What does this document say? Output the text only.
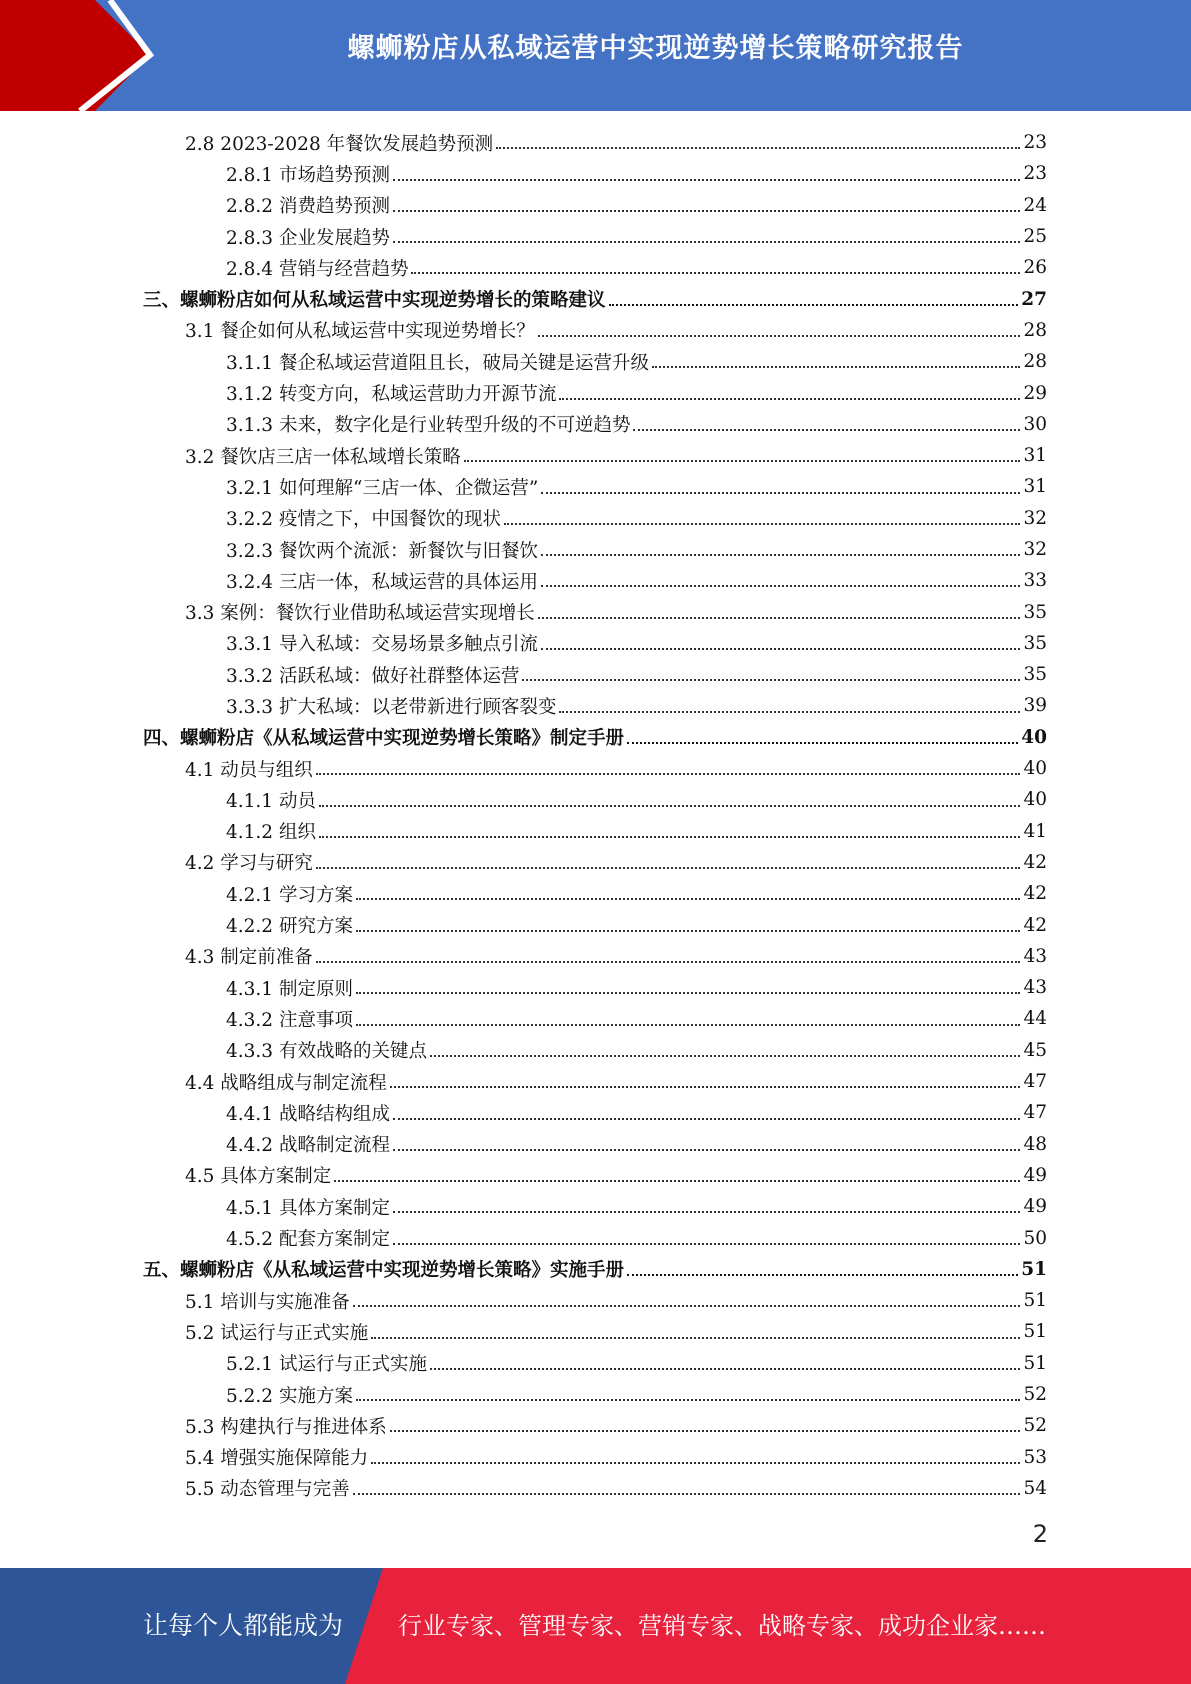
螺蛳粉店从私域运营中实现逆势增长策略研究报告
2.8 2023-2028 年餐饮发展趋势预测	23
2.8.1 市场趋势预测	23
2.8.2 消费趋势预测	24
2.8.3 企业发展趋势	25
2.8.4 营销与经营趋势	26
三、螺蛳粉店如何从私域运营中实现逆势增长的策略建议	27
3.1 餐企如何从私域运营中实现逆势增长？	28
3.1.1 餐企私域运营道阻且长，破局关键是运营升级	28
3.1.2 转变方向，私域运营助力开源节流	29
3.1.3 未来，数字化是行业转型升级的不可逆趋势	30
3.2 餐饮店三店一体私域增长策略	31
3.2.1 如何理解“三店一体、企微运营”	31
3.2.2 疫情之下，中国餐饮的现状	32
3.2.3 餐饮两个流派：新餐饮与旧餐饮	32
3.2.4 三店一体，私域运营的具体运用	33
3.3 案例：餐饮行业借助私域运营实现增长	35
3.3.1 导入私域：交易场景多触点引流	35
3.3.2 活跃私域：做好社群整体运营	35
3.3.3 扩大私域：以老带新进行顾客裂变	39
四、螺蛳粉店《从私域运营中实现逆势增长策略》制定手册	40
4.1 动员与组织	40
4.1.1 动员	40
4.1.2 组织	41
4.2 学习与研究	42
4.2.1 学习方案	42
4.2.2 研究方案	42
4.3 制定前准备	43
4.3.1 制定原则	43
4.3.2 注意事项	44
4.3.3 有效战略的关键点	45
4.4 战略组成与制定流程	47
4.4.1 战略结构组成	47
4.4.2 战略制定流程	48
4.5 具体方案制定	49
4.5.1 具体方案制定	49
4.5.2 配套方案制定	50
五、螺蛳粉店《从私域运营中实现逆势增长策略》实施手册	51
5.1 培训与实施准备	51
5.2 试运行与正式实施	51
5.2.1 试运行与正式实施	51
5.2.2 实施方案	52
5.3 构建执行与推进体系	52
5.4 增强实施保障能力	53
5.5 动态管理与完善	54
2
让每个人都能成为 行业专家、管理专家、营销专家、战略专家、成功企业家……
